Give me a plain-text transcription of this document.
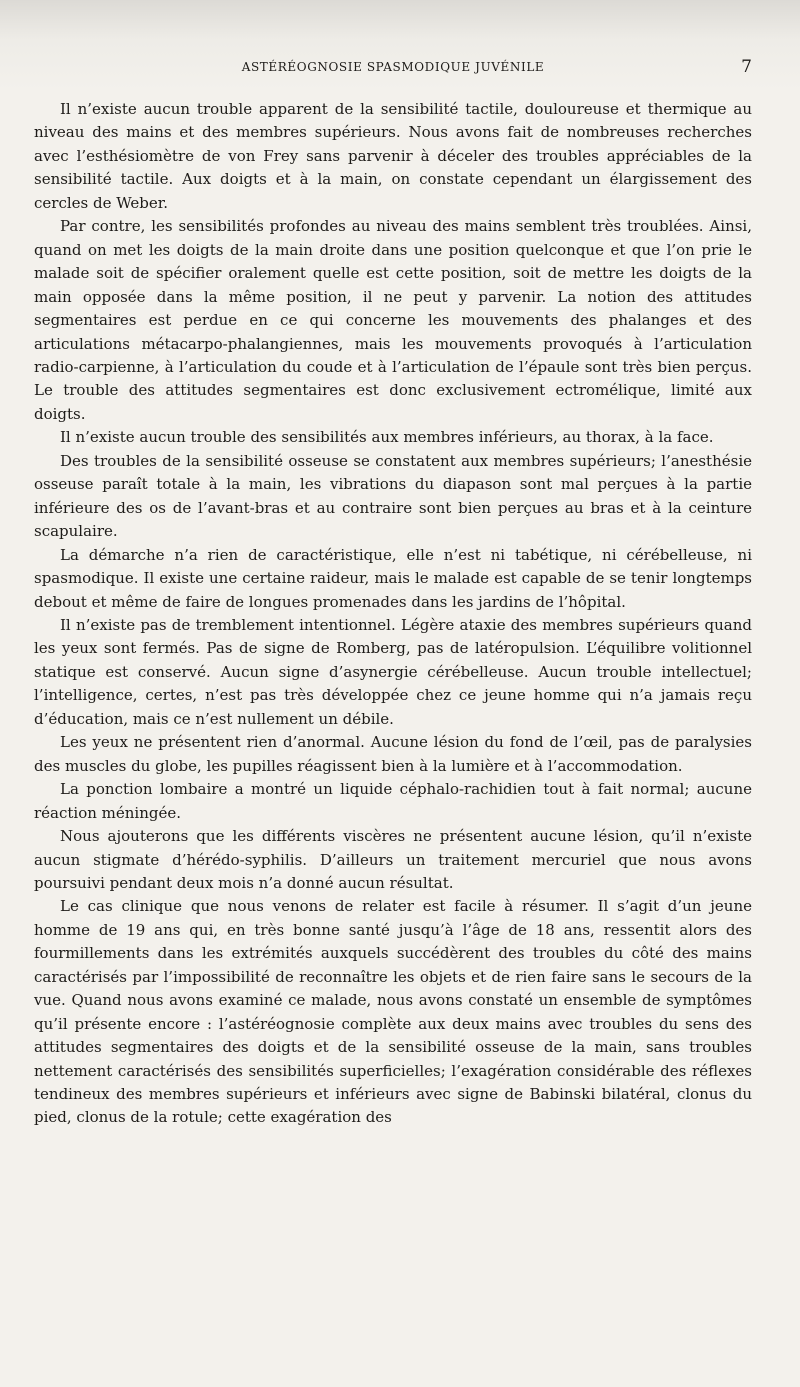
ASTÉRÉOGNOSIE SPASMODIQUE JUVÉNILE	7

Il n’existe aucun trouble apparent de la sensibilité tactile, douloureuse et thermique au niveau des mains et des membres supérieurs. Nous avons fait de nombreuses recherches avec l’esthésiomètre de von Frey sans parvenir à déceler des troubles appréciables de la sensibilité tactile. Aux doigts et à la main, on constate cependant un élargissement des cercles de Weber.

Par contre, les sensibilités profondes au niveau des mains semblent très troublées. Ainsi, quand on met les doigts de la main droite dans une position quelconque et que l’on prie le malade soit de spécifier oralement quelle est cette position, soit de mettre les doigts de la main opposée dans la même position, il ne peut y parvenir. La notion des attitudes segmentaires est perdue en ce qui concerne les mouvements des phalanges et des articulations métacarpo-phalangiennes, mais les mouvements provoqués à l’articulation radio-carpienne, à l’articulation du coude et à l’articulation de l’épaule sont très bien perçus. Le trouble des attitudes segmentaires est donc exclusivement ectromélique, limité aux doigts.

Il n’existe aucun trouble des sensibilités aux membres inférieurs, au thorax, à la face.

Des troubles de la sensibilité osseuse se constatent aux membres supérieurs; l’anesthésie osseuse paraît totale à la main, les vibrations du diapason sont mal perçues à la partie inférieure des os de l’avant-bras et au contraire sont bien perçues au bras et à la ceinture scapulaire.

La démarche n’a rien de caractéristique, elle n’est ni tabétique, ni cérébelleuse, ni spasmodique. Il existe une certaine raideur, mais le malade est capable de se tenir longtemps debout et même de faire de longues promenades dans les jardins de l’hôpital.

Il n’existe pas de tremblement intentionnel. Légère ataxie des membres supérieurs quand les yeux sont fermés. Pas de signe de Romberg, pas de latéropulsion. L’équilibre volitionnel statique est conservé. Aucun signe d’asynergie cérébelleuse. Aucun trouble intellectuel; l’intelligence, certes, n’est pas très développée chez ce jeune homme qui n’a jamais reçu d’éducation, mais ce n’est nullement un débile.

Les yeux ne présentent rien d’anormal. Aucune lésion du fond de l’œil, pas de paralysies des muscles du globe, les pupilles réagissent bien à la lumière et à l’accommodation.

La ponction lombaire a montré un liquide céphalo-rachidien tout à fait normal; aucune réaction méningée.

Nous ajouterons que les différents viscères ne présentent aucune lésion, qu’il n’existe aucun stigmate d’hérédo-syphilis. D’ailleurs un traitement mercuriel que nous avons poursuivi pendant deux mois n’a donné aucun résultat.

Le cas clinique que nous venons de relater est facile à résumer. Il s’agit d’un jeune homme de 19 ans qui, en très bonne santé jusqu’à l’âge de 18 ans, ressentit alors des fourmillements dans les extrémités auxquels succédèrent des troubles du côté des mains caractérisés par l’impossibilité de reconnaître les objets et de rien faire sans le secours de la vue. Quand nous avons examiné ce malade, nous avons constaté un ensemble de symptômes qu’il présente encore : l’astéréognosie complète aux deux mains avec troubles du sens des attitudes segmentaires des doigts et de la sensibilité osseuse de la main, sans troubles nettement caractérisés des sensibilités superficielles; l’exagération considérable des réflexes tendineux des membres supérieurs et inférieurs avec signe de Babinski bilatéral, clonus du pied, clonus de la rotule; cette exagération des
